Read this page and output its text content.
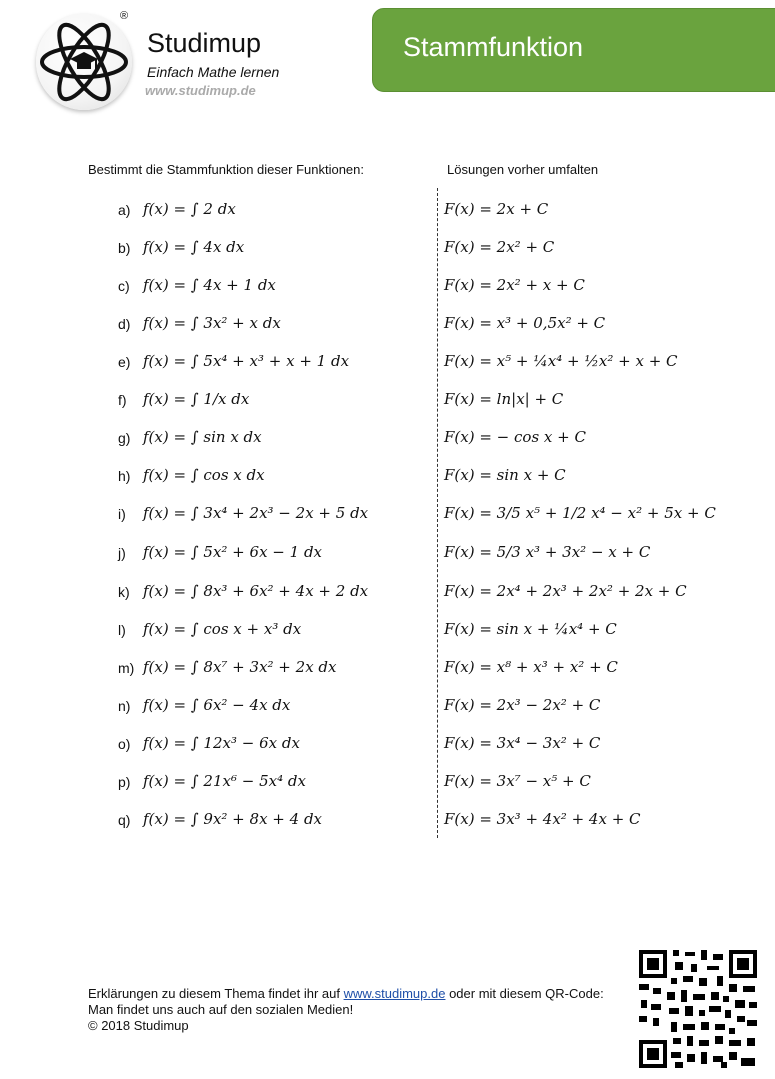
®
Studimup
Einfach Mathe lernen
www.studimup.de
Stammfunktion
Bestimmt die Stammfunktion dieser Funktionen:	Lösungen vorher umfalten
a) f(x) = ∫ 2 dx	F(x) = 2x + C
b) f(x) = ∫ 4x dx	F(x) = 2x² + C
c) f(x) = ∫ 4x + 1 dx	F(x) = 2x² + x + C
d) f(x) = ∫ 3x² + x dx	F(x) = x³ + 0,5x² + C
e) f(x) = ∫ 5x⁴ + x³ + x + 1 dx	F(x) = x⁵ + ¼x⁴ + ½x² + x + C
f) f(x) = ∫ 1/x dx	F(x) = ln|x| + C
g) f(x) = ∫ sin x dx	F(x) = − cos x + C
h) f(x) = ∫ cos x dx	F(x) = sin x + C
i) f(x) = ∫ 3x⁴ + 2x³ − 2x + 5 dx	F(x) = 3/5 x⁵ + 1/2 x⁴ − x² + 5x + C
j) f(x) = ∫ 5x² + 6x − 1 dx	F(x) = 5/3 x³ + 3x² − x + C
k) f(x) = ∫ 8x³ + 6x² + 4x + 2 dx	F(x) = 2x⁴ + 2x³ + 2x² + 2x + C
l) f(x) = ∫ cos x + x³ dx	F(x) = sin x + ¼x⁴ + C
m) f(x) = ∫ 8x⁷ + 3x² + 2x dx	F(x) = x⁸ + x³ + x² + C
n) f(x) = ∫ 6x² − 4x dx	F(x) = 2x³ − 2x² + C
o) f(x) = ∫ 12x³ − 6x dx	F(x) = 3x⁴ − 3x² + C
p) f(x) = ∫ 21x⁶ − 5x⁴ dx	F(x) = 3x⁷ − x⁵ + C
q) f(x) = ∫ 9x² + 8x + 4 dx	F(x) = 3x³ + 4x² + 4x + C
Erklärungen zu diesem Thema findet ihr auf www.studimup.de oder mit diesem QR-Code:
Man findet uns auch auf den sozialen Medien!
© 2018 Studimup
